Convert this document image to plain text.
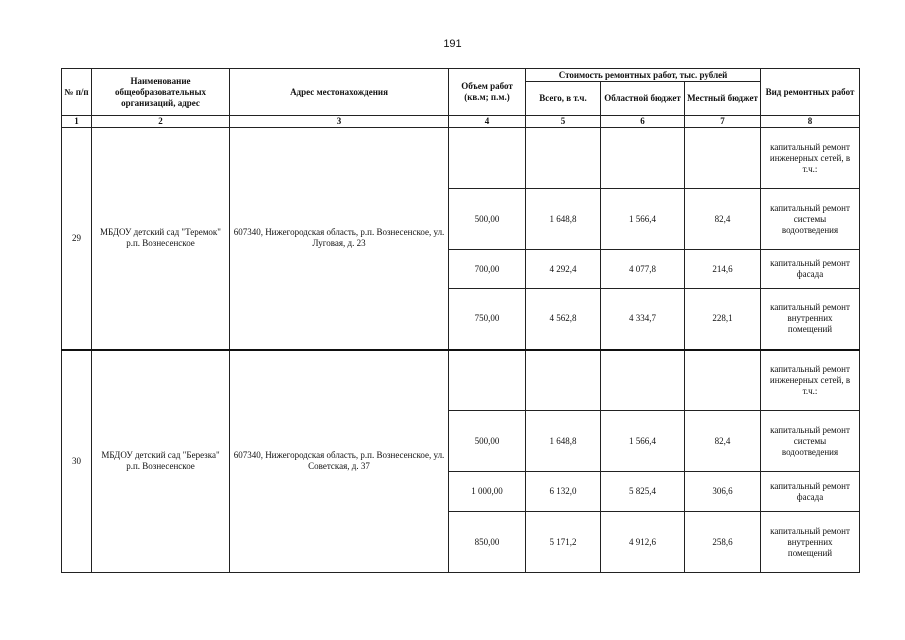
191
№ п/п	Наименование общеобразовательных организаций, адрес	Адрес местонахождения	Объем работ (кв.м; п.м.)	Стоимость ремонтных работ, тыс. рублей			Вид ремонтных работ
				Всего, в т.ч.	Областной бюджет	Местный бюджет	
1	2	3	4	5	6	7	8
29	МБДОУ детский сад "Теремок" р.п. Вознесенское	607340, Нижегородская область, р.п. Вознесенское, ул. Луговая, д. 23					капитальный ремонт инженерных сетей, в т.ч.:
			500,00	1 648,8	1 566,4	82,4	капитальный ремонт системы водоотведения
			700,00	4 292,4	4 077,8	214,6	капитальный ремонт фасада
			750,00	4 562,8	4 334,7	228,1	капитальный ремонт внутренних помещений
30	МБДОУ детский сад "Березка" р.п. Вознесенское	607340, Нижегородская область, р.п. Вознесенское, ул. Советская, д. 37					капитальный ремонт инженерных сетей, в т.ч.:
			500,00	1 648,8	1 566,4	82,4	капитальный ремонт системы водоотведения
			1 000,00	6 132,0	5 825,4	306,6	капитальный ремонт фасада
			850,00	5 171,2	4 912,6	258,6	капитальный ремонт внутренних помещений
